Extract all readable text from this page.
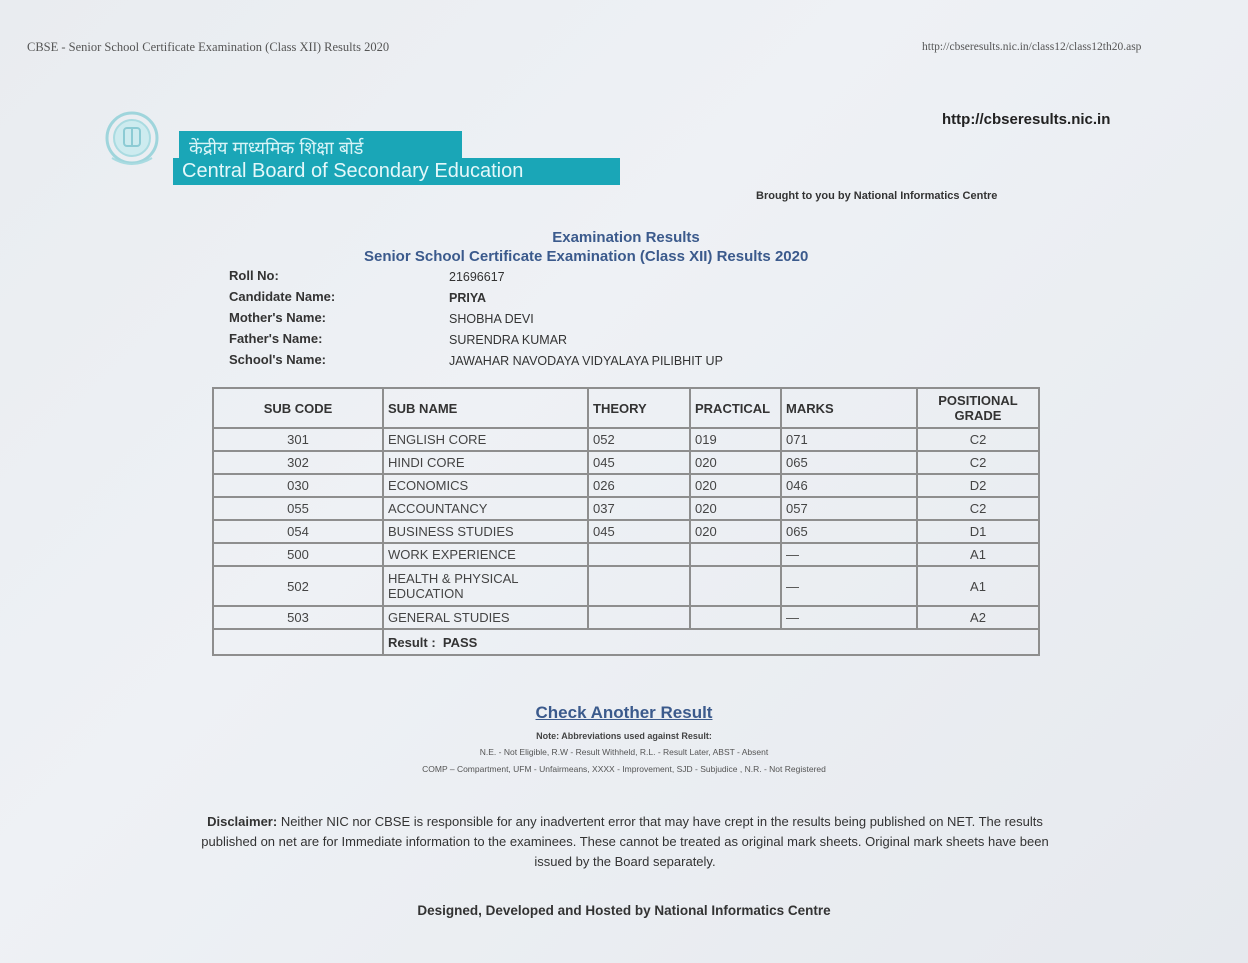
CBSE - Senior School Certificate Examination (Class XII) Results 2020	http://cbseresults.nic.in/class12/class12th20.asp
http://cbseresults.nic.in
केंद्रीय माध्यमिक शिक्षा बोर्ड
Central Board of Secondary Education
Brought to you by National Informatics Centre
Examination Results
Senior School Certificate Examination (Class XII) Results 2020
Roll No:	21696617
Candidate Name:	PRIYA
Mother's Name:	SHOBHA DEVI
Father's Name:	SURENDRA KUMAR
School's Name:	JAWAHAR NAVODAYA VIDYALAYA PILIBHIT UP
SUB CODE	SUB NAME	THEORY	PRACTICAL	MARKS	POSITIONAL GRADE
301	ENGLISH CORE	052	019	071	C2
302	HINDI CORE	045	020	065	C2
030	ECONOMICS	026	020	046	D2
055	ACCOUNTANCY	037	020	057	C2
054	BUSINESS STUDIES	045	020	065	D1
500	WORK EXPERIENCE			—	A1
502	HEALTH & PHYSICAL EDUCATION			—	A1
503	GENERAL STUDIES			—	A2
	Result : PASS				
Check Another Result
Note: Abbreviations used against Result:
N.E. - Not Eligible, R.W - Result Withheld, R.L. - Result Later, ABST - Absent
COMP – Compartment, UFM - Unfairmeans, XXXX - Improvement, SJD - Subjudice , N.R. - Not Registered
Disclaimer: Neither NIC nor CBSE is responsible for any inadvertent error that may have crept in the results being published on NET. The results published on net are for Immediate information to the examinees. These cannot be treated as original mark sheets. Original mark sheets have been issued by the Board separately.
Designed, Developed and Hosted by National Informatics Centre
